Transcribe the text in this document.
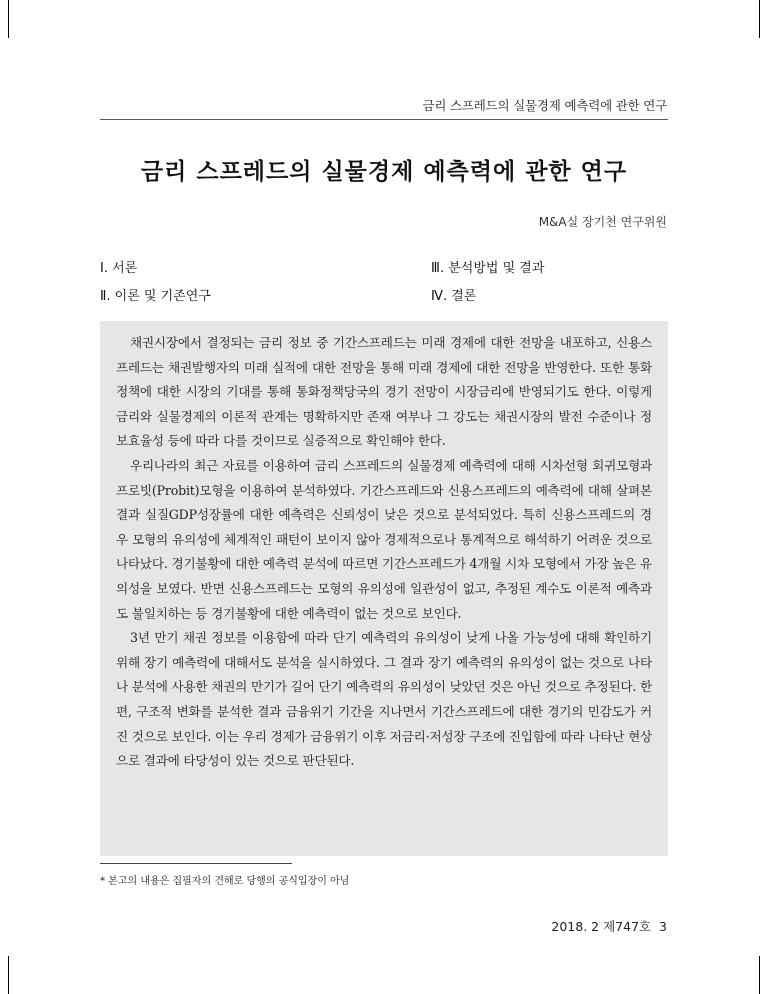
금리 스프레드의 실물경제 예측력에 관한 연구
금리 스프레드의 실물경제 예측력에 관한 연구
M&A실 장기천 연구위원
Ⅰ. 서론
Ⅱ. 이론 및 기존연구
Ⅲ. 분석방법 및 결과
Ⅳ. 결론

채권시장에서 결정되는 금리 정보 중 기간스프레드는 미래 경제에 대한 전망을 내포하고, 신용스프레드는 채권발행자의 미래 실적에 대한 전망을 통해 미래 경제에 대한 전망을 반영한다. 또한 통화정책에 대한 시장의 기대를 통해 통화정책당국의 경기 전망이 시장금리에 반영되기도 한다. 이렇게 금리와 실물경제의 이론적 관계는 명확하지만 존재 여부나 그 강도는 채권시장의 발전 수준이나 정보효율성 등에 따라 다를 것이므로 실증적으로 확인해야 한다.

우리나라의 최근 자료를 이용하여 금리 스프레드의 실물경제 예측력에 대해 시차선형 회귀모형과 프로빗(Probit)모형을 이용하여 분석하였다. 기간스프레드와 신용스프레드의 예측력에 대해 살펴본 결과 실질GDP성장률에 대한 예측력은 신뢰성이 낮은 것으로 분석되었다. 특히 신용스프레드의 경우 모형의 유의성에 체계적인 패턴이 보이지 않아 경제적으로나 통계적으로 해석하기 어려운 것으로 나타났다. 경기불황에 대한 예측력 분석에 따르면 기간스프레드가 4개월 시차 모형에서 가장 높은 유의성을 보였다. 반면 신용스프레드는 모형의 유의성에 일관성이 없고, 추정된 계수도 이론적 예측과도 불일치하는 등 경기불황에 대한 예측력이 없는 것으로 보인다.

3년 만기 채권 정보를 이용함에 따라 단기 예측력의 유의성이 낮게 나올 가능성에 대해 확인하기 위해 장기 예측력에 대해서도 분석을 실시하였다. 그 결과 장기 예측력의 유의성이 없는 것으로 나타나 분석에 사용한 채권의 만기가 길어 단기 예측력의 유의성이 낮았던 것은 아닌 것으로 추정된다. 한편, 구조적 변화를 분석한 결과 금융위기 기간을 지나면서 기간스프레드에 대한 경기의 민감도가 커진 것으로 보인다. 이는 우리 경제가 금융위기 이후 저금리·저성장 구조에 진입함에 따라 나타난 현상으로 결과에 타당성이 있는 것으로 판단된다.

* 본고의 내용은 집필자의 견해로 당행의 공식입장이 아님
2018. 2 제747호  3
